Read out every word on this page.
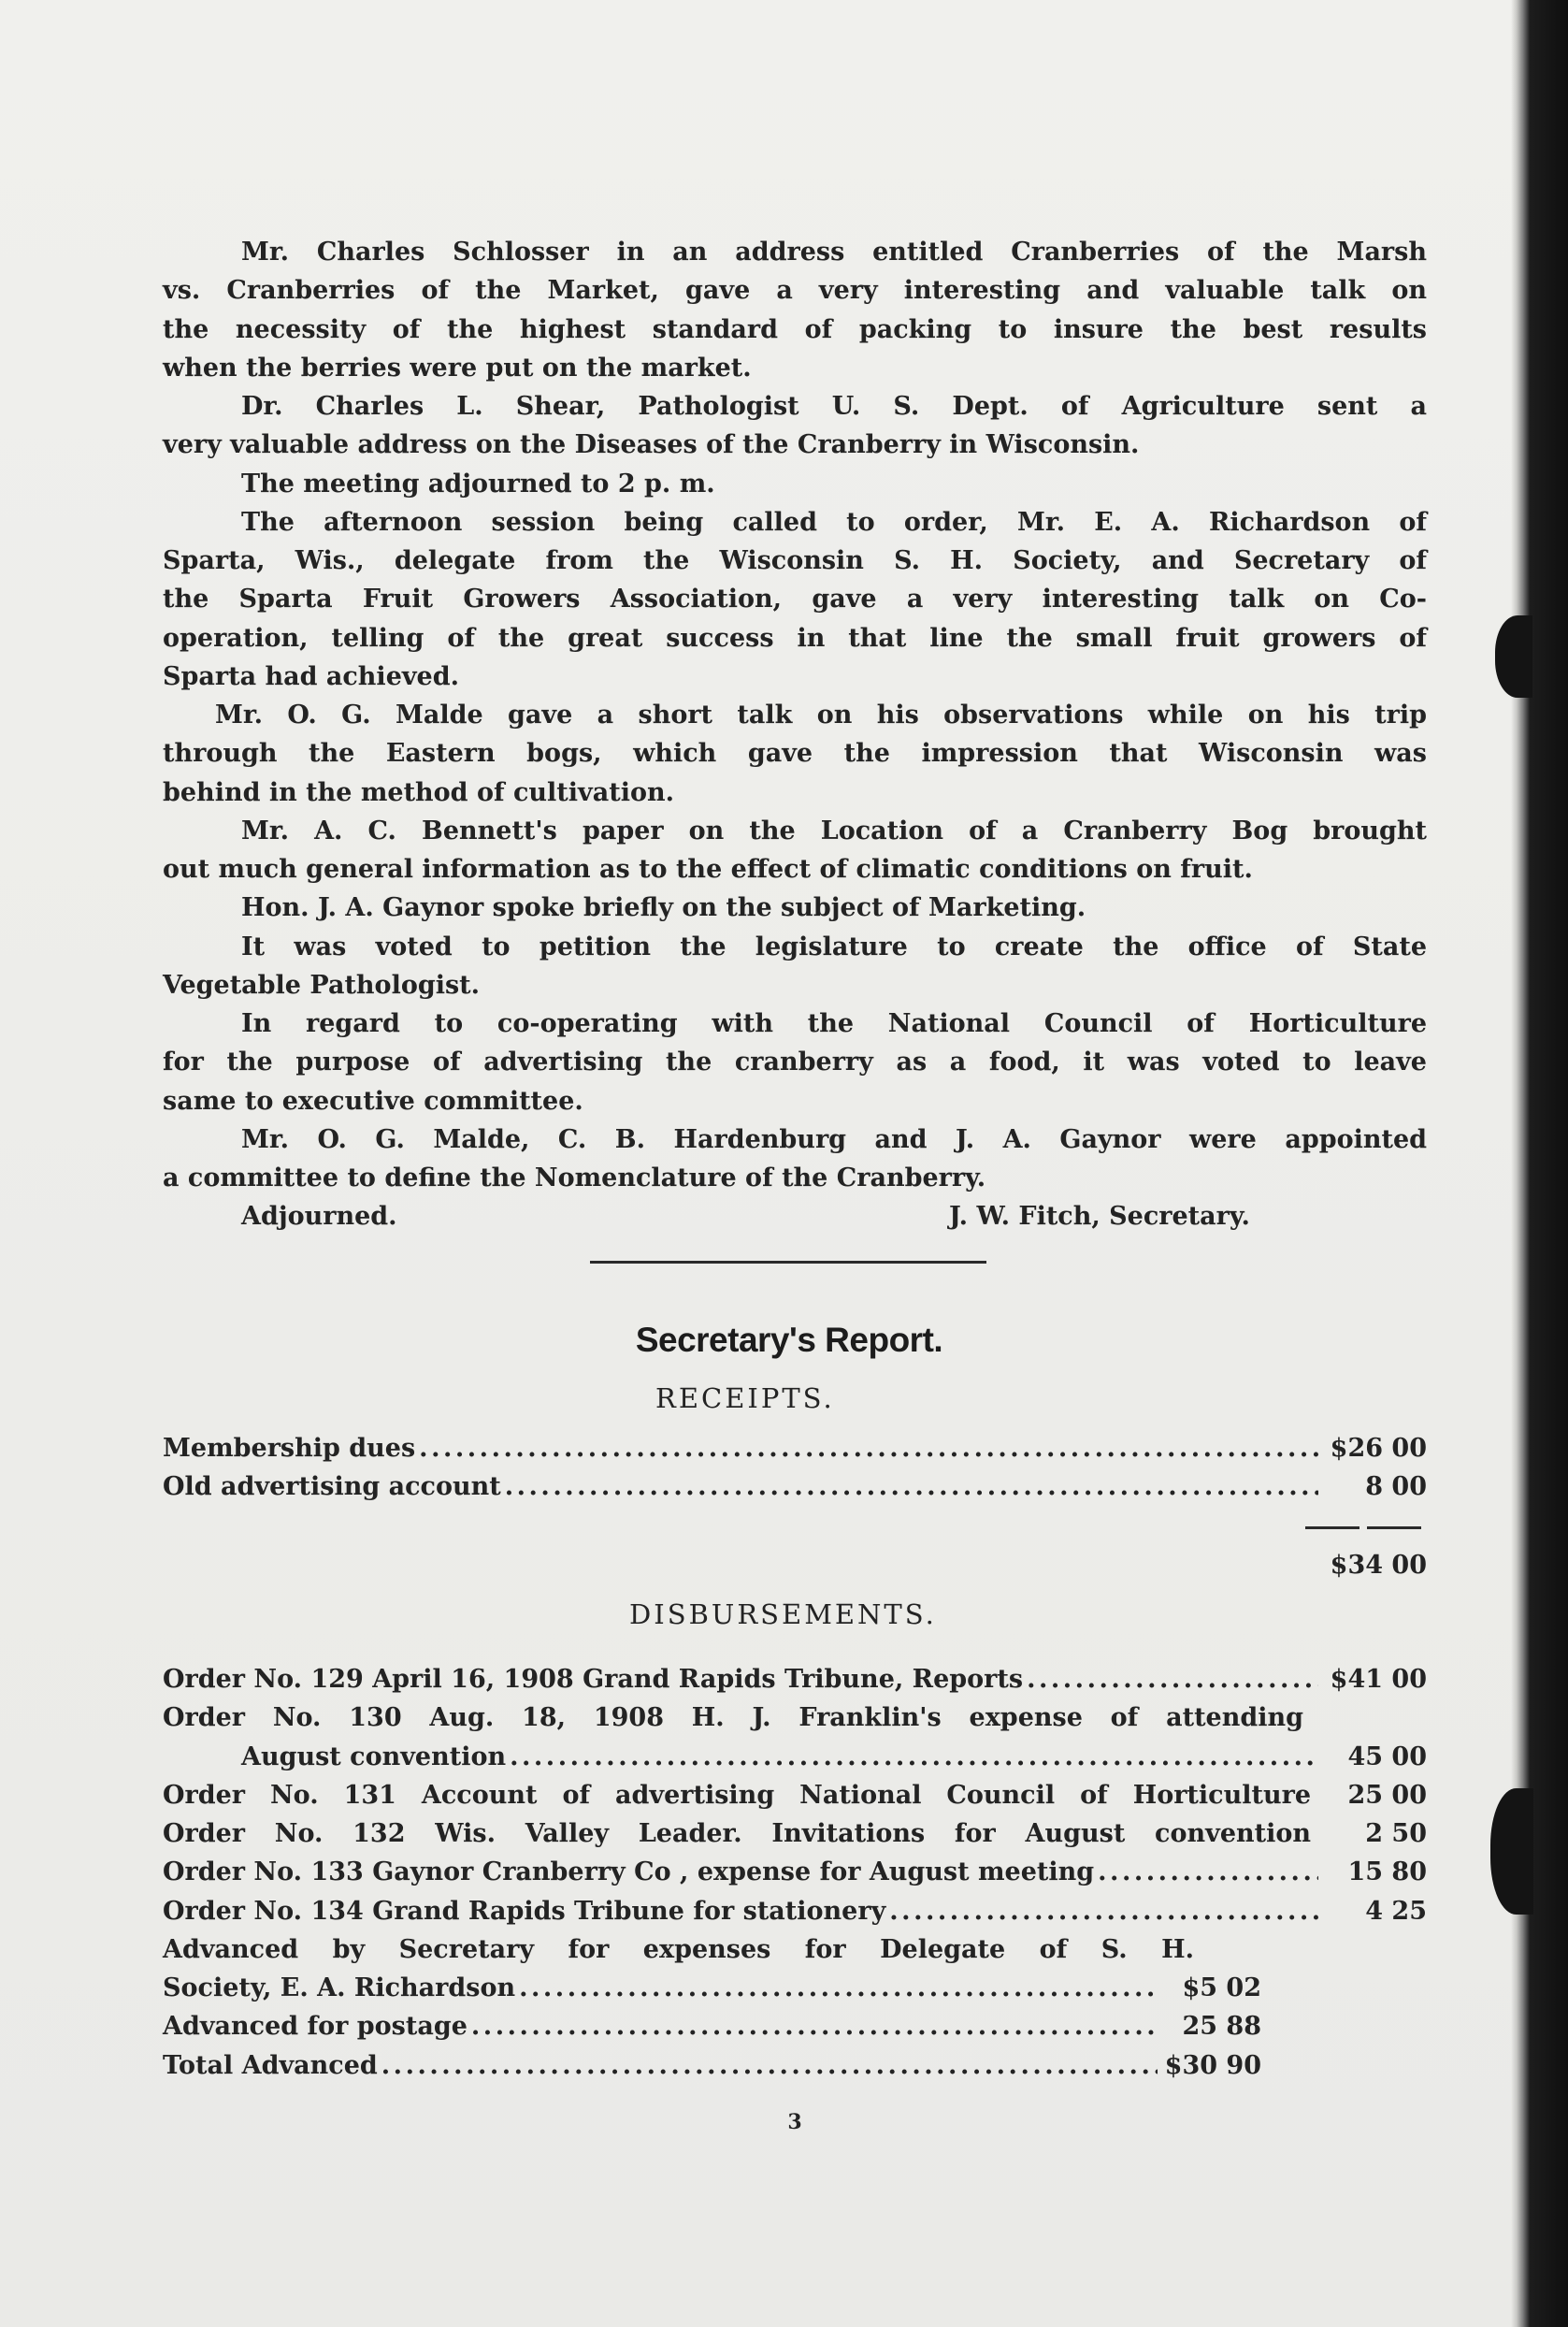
Mr. Charles Schlosser in an address entitled Cranberries of the Marsh
vs. Cranberries of the Market, gave a very interesting and valuable talk on
the necessity of the highest standard of packing to insure the best results
when the berries were put on the market.
Dr. Charles L. Shear, Pathologist U. S. Dept. of Agriculture sent a
very valuable address on the Diseases of the Cranberry in Wisconsin.
The meeting adjourned to 2 p. m.
The afternoon session being called to order, Mr. E. A. Richardson of
Sparta, Wis., delegate from the Wisconsin S. H. Society, and Secretary of
the Sparta Fruit Growers Association, gave a very interesting talk on Co-
operation, telling of the great success in that line the small fruit growers of
Sparta had achieved.
Mr. O. G. Malde gave a short talk on his observations while on his trip
through the Eastern bogs, which gave the impression that Wisconsin was
behind in the method of cultivation.
Mr. A. C. Bennett's paper on the Location of a Cranberry Bog brought
out much general information as to the effect of climatic conditions on fruit.
Hon. J. A. Gaynor spoke briefly on the subject of Marketing.
It was voted to petition the legislature to create the office of State
Vegetable Pathologist.
In regard to co-operating with the National Council of Horticulture
for the purpose of advertising the cranberry as a food, it was voted to leave
same to executive committee.
Mr. O. G. Malde, C. B. Hardenburg and J. A. Gaynor were appointed
a committee to define the Nomenclature of the Cranberry.
Adjourned.	J. W. Fitch, Secretary.
Secretary's Report.
RECEIPTS.
Membership dues .....	$26 00
Old advertising account .....	8 00
$34 00
DISBURSEMENTS.
Order No. 129 April 16, 1908 Grand Rapids Tribune, Reports .....	$41 00
Order No. 130 Aug. 18, 1908 H. J. Franklin's expense of attending
August convention .....	45 00
Order No. 131 Account of advertising National Council of Horticulture	25 00
Order No. 132 Wis. Valley Leader. Invitations for August convention	2 50
Order No. 133 Gaynor Cranberry Co , expense for August meeting .....	15 80
Order No. 134 Grand Rapids Tribune for stationery .....	4 25
Advanced by Secretary for expenses for Delegate of S. H.
Society, E. A. Richardson .....	$5 02
Advanced for postage .....	25 88
Total Advanced .....	$30 90
3
